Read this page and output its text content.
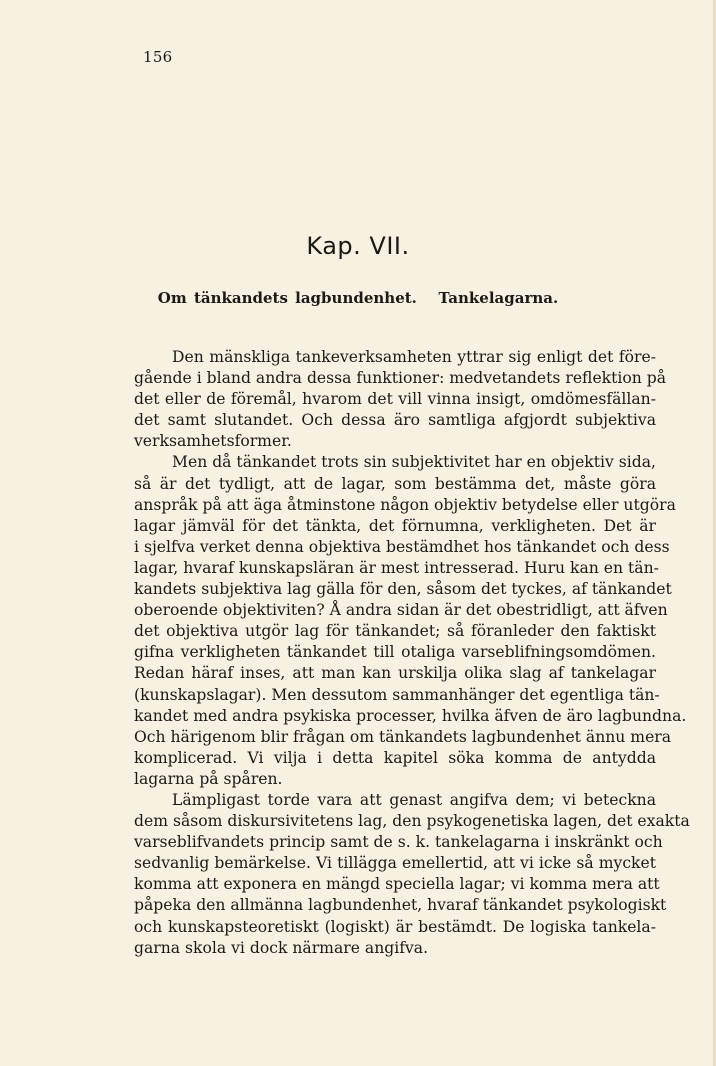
156
Kap. VII.
Om tänkandets lagbundenhet.   Tankelagarna.
Den mänskliga tankeverksamheten yttrar sig enligt det före-
gående i bland andra dessa funktioner: medvetandets reflektion på
det eller de föremål, hvarom det vill vinna insigt, omdömesfällan-
det samt slutandet. Och dessa äro samtliga afgjordt subjektiva
verksamhetsformer.
Men då tänkandet trots sin subjektivitet har en objektiv sida,
så är det tydligt, att de lagar, som bestämma det, måste göra
anspråk på att äga åtminstone någon objektiv betydelse eller utgöra
lagar jämväl för det tänkta, det förnumna, verkligheten. Det är
i sjelfva verket denna objektiva bestämdhet hos tänkandet och dess
lagar, hvaraf kunskapsläran är mest intresserad. Huru kan en tän-
kandets subjektiva lag gälla för den, såsom det tyckes, af tänkandet
oberoende objektiviten? Å andra sidan är det obestridligt, att äfven
det objektiva utgör lag för tänkandet; så föranleder den faktiskt
gifna verkligheten tänkandet till otaliga varseblifningsomdömen.
Redan häraf inses, att man kan urskilja olika slag af tankelagar
(kunskapslagar). Men dessutom sammanhänger det egentliga tän-
kandet med andra psykiska processer, hvilka äfven de äro lagbundna.
Och härigenom blir frågan om tänkandets lagbundenhet ännu mera
komplicerad. Vi vilja i detta kapitel söka komma de antydda
lagarna på spåren.
Lämpligast torde vara att genast angifva dem; vi beteckna
dem såsom diskursivitetens lag, den psykogenetiska lagen, det exakta
varseblifvandets princip samt de s. k. tankelagarna i inskränkt och
sedvanlig bemärkelse. Vi tillägga emellertid, att vi icke så mycket
komma att exponera en mängd speciella lagar; vi komma mera att
påpeka den allmänna lagbundenhet, hvaraf tänkandet psykologiskt
och kunskapsteoretiskt (logiskt) är bestämdt. De logiska tankela-
garna skola vi dock närmare angifva.
